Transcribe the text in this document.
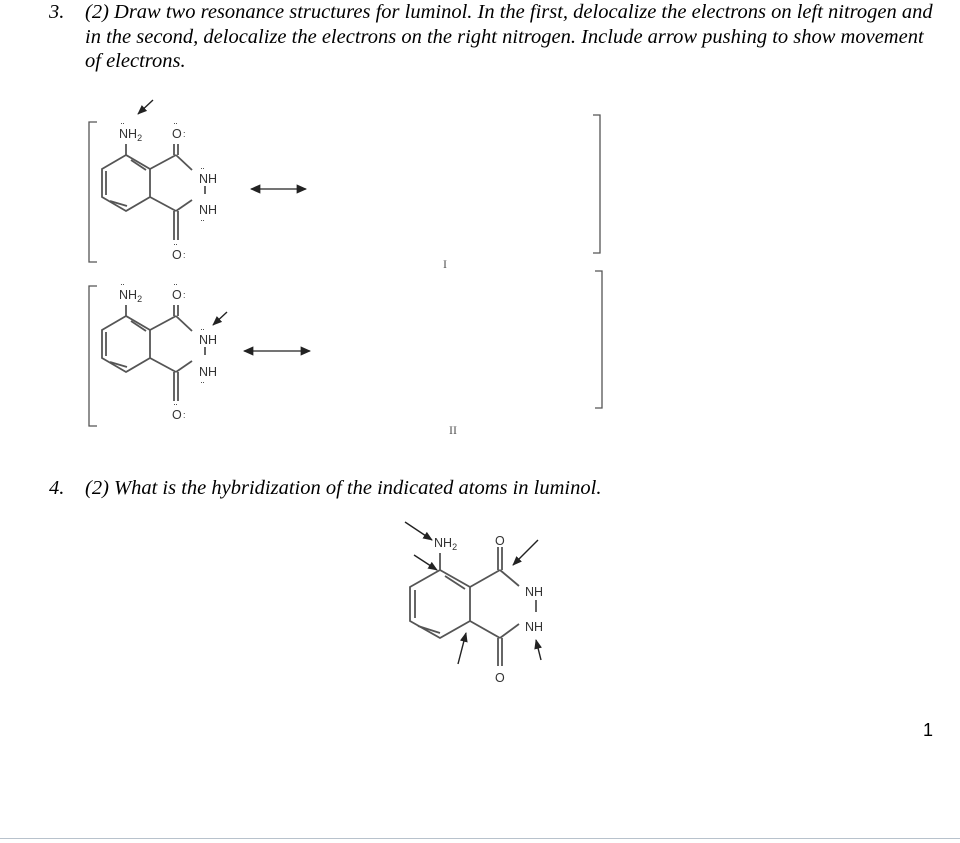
3. (2) Draw two resonance structures for luminol. In the first, delocalize the electrons on left nitrogen and in the second, delocalize the electrons on the right nitrogen. Include arrow pushing to show movement of electrons.
4. (2) What is the hybridization of the indicated atoms in luminol.
$NH_2$
··
O
··
:
NH
··
NH
··
O
··
:
I
$NH_2$
··
O
··
:
NH
··
NH
··
O
··
:
II
$NH_2$	O
NH
NH
O
1
